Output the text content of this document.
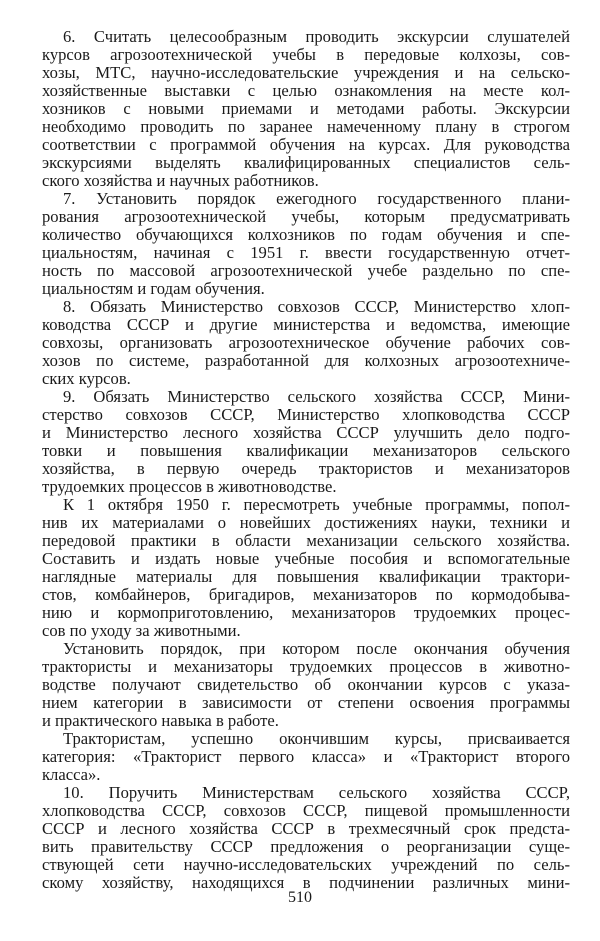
6. Считать целесообразным проводить экскурсии слушателей
курсов агрозоотехнической учебы в передовые колхозы, сов-
хозы, МТС, научно-исследовательские учреждения и на сельско-
хозяйственные выставки с целью ознакомления на месте кол-
хозников с новыми приемами и методами работы. Экскурсии
необходимо проводить по заранее намеченному плану в строгом
соответствии с программой обучения на курсах. Для руководства
экскурсиями выделять квалифицированных специалистов сель-
ского хозяйства и научных работников.
7. Установить порядок ежегодного государственного плани-
рования агрозоотехнической учебы, которым предусматривать
количество обучающихся колхозников по годам обучения и спе-
циальностям, начиная с 1951 г. ввести государственную отчет-
ность по массовой агрозоотехнической учебе раздельно по спе-
циальностям и годам обучения.
8. Обязать Министерство совхозов СССР, Министерство хлоп-
ководства СССР и другие министерства и ведомства, имеющие
совхозы, организовать агрозоотехническое обучение рабочих сов-
хозов по системе, разработанной для колхозных агрозоотехниче-
ских курсов.
9. Обязать Министерство сельского хозяйства СССР, Мини-
стерство совхозов СССР, Министерство хлопководства СССР
и Министерство лесного хозяйства СССР улучшить дело подго-
товки и повышения квалификации механизаторов сельского
хозяйства, в первую очередь трактористов и механизаторов
трудоемких процессов в животноводстве.
К 1 октября 1950 г. пересмотреть учебные программы, попол-
нив их материалами о новейших достижениях науки, техники и
передовой практики в области механизации сельского хозяйства.
Составить и издать новые учебные пособия и вспомогательные
наглядные материалы для повышения квалификации трактори-
стов, комбайнеров, бригадиров, механизаторов по кормодобыва-
нию и кормоприготовлению, механизаторов трудоемких процес-
сов по уходу за животными.
Установить порядок, при котором после окончания обучения
трактористы и механизаторы трудоемких процессов в животно-
водстве получают свидетельство об окончании курсов с указа-
нием категории в зависимости от степени освоения программы
и практического навыка в работе.
Трактористам, успешно окончившим курсы, присваивается
категория: «Тракторист первого класса» и «Тракторист второго
класса».
10. Поручить Министерствам сельского хозяйства СССР,
хлопководства СССР, совхозов СССР, пищевой промышленности
СССР и лесного хозяйства СССР в трехмесячный срок предста-
вить правительству СССР предложения о реорганизации суще-
ствующей сети научно-исследовательских учреждений по сель-
скому хозяйству, находящихся в подчинении различных мини-
510
